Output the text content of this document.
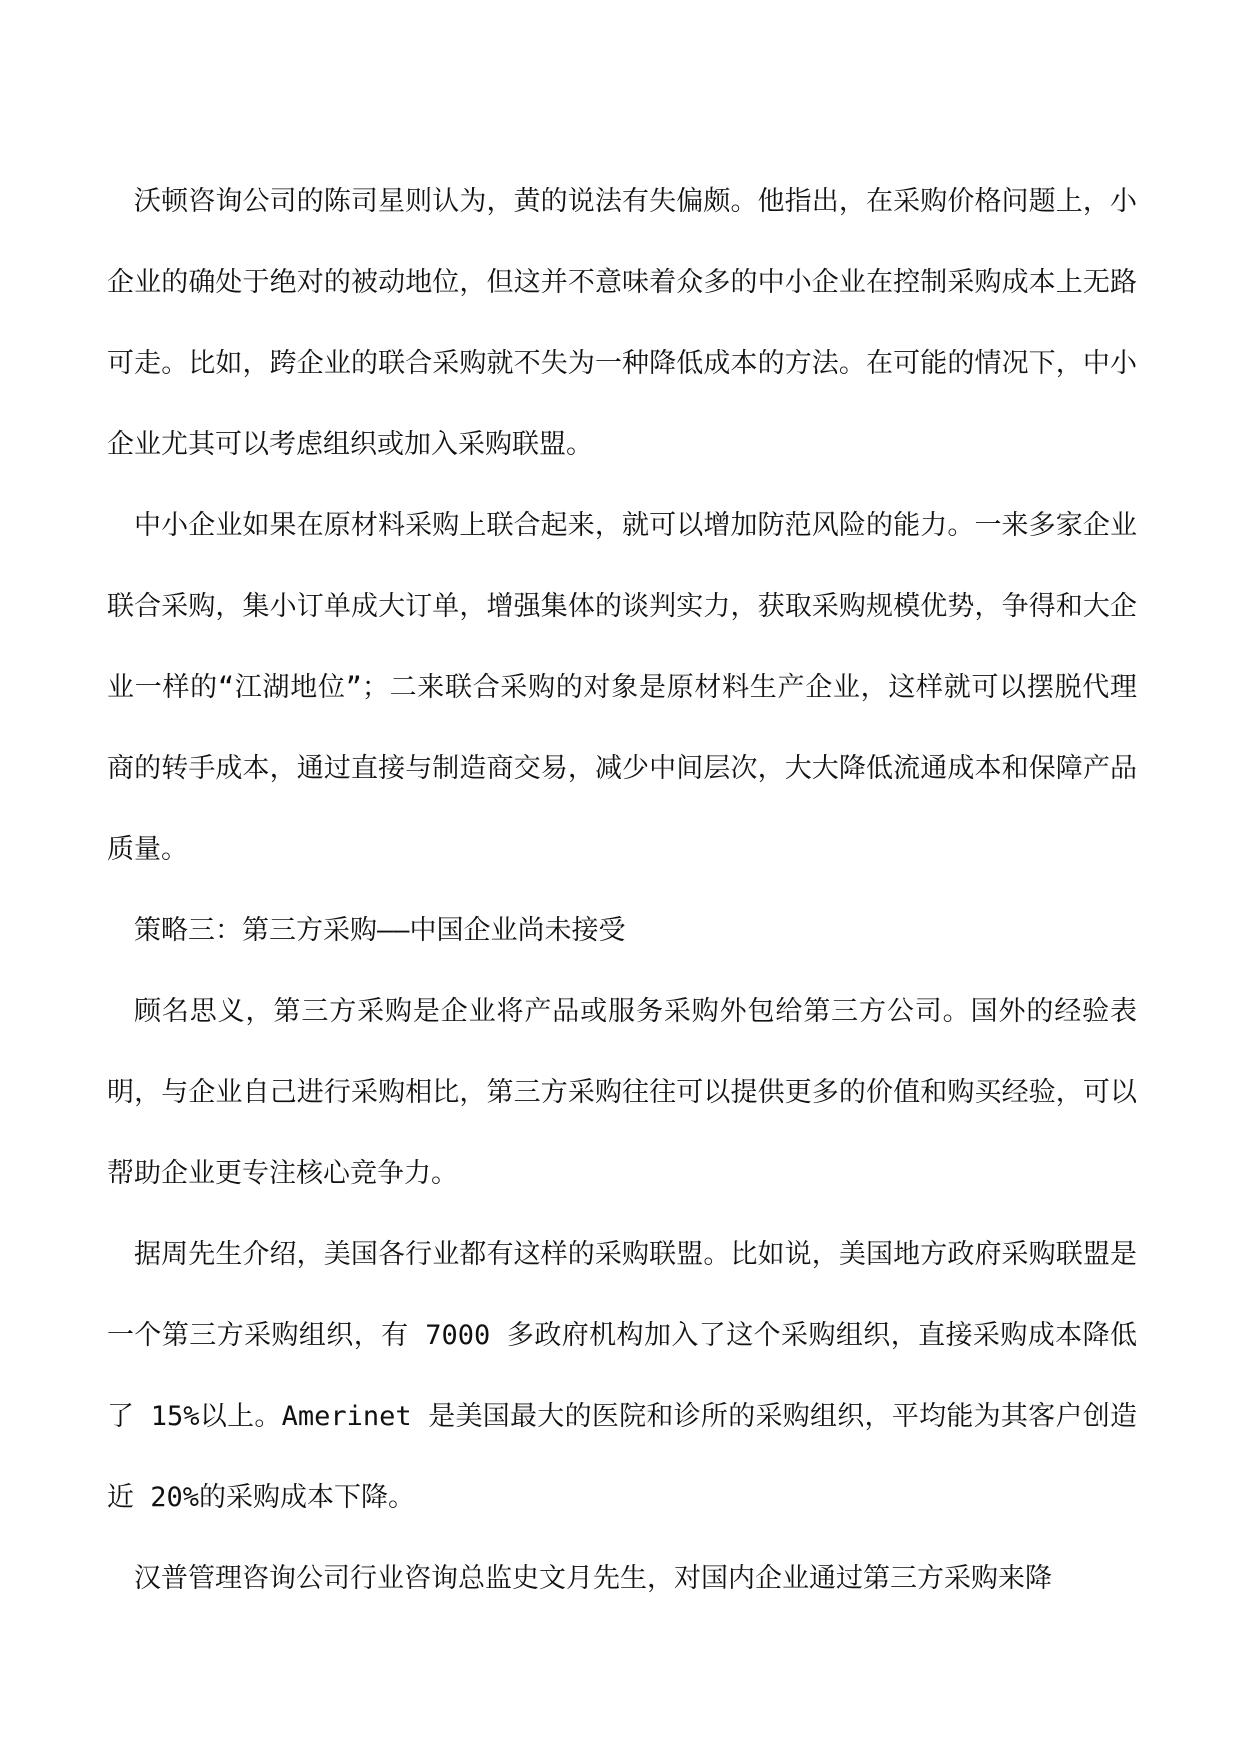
沃顿咨询公司的陈司星则认为，黄的说法有失偏颇。他指出，在采购价格问题上，小企业的确处于绝对的被动地位，但这并不意味着众多的中小企业在控制采购成本上无路可走。比如，跨企业的联合采购就不失为一种降低成本的方法。在可能的情况下，中小企业尤其可以考虑组织或加入采购联盟。

中小企业如果在原材料采购上联合起来，就可以增加防范风险的能力。一来多家企业联合采购，集小订单成大订单，增强集体的谈判实力，获取采购规模优势，争得和大企业一样的“江湖地位”；二来联合采购的对象是原材料生产企业，这样就可以摆脱代理商的转手成本，通过直接与制造商交易，减少中间层次，大大降低流通成本和保障产品质量。

策略三：第三方采购——中国企业尚未接受

顾名思义，第三方采购是企业将产品或服务采购外包给第三方公司。国外的经验表明，与企业自己进行采购相比，第三方采购往往可以提供更多的价值和购买经验，可以帮助企业更专注核心竞争力。

据周先生介绍，美国各行业都有这样的采购联盟。比如说，美国地方政府采购联盟是一个第三方采购组织，有 7000 多政府机构加入了这个采购组织，直接采购成本降低了 15%以上。Amerinet 是美国最大的医院和诊所的采购组织，平均能为其客户创造近 20%的采购成本下降。

汉普管理咨询公司行业咨询总监史文月先生，对国内企业通过第三方采购来降
